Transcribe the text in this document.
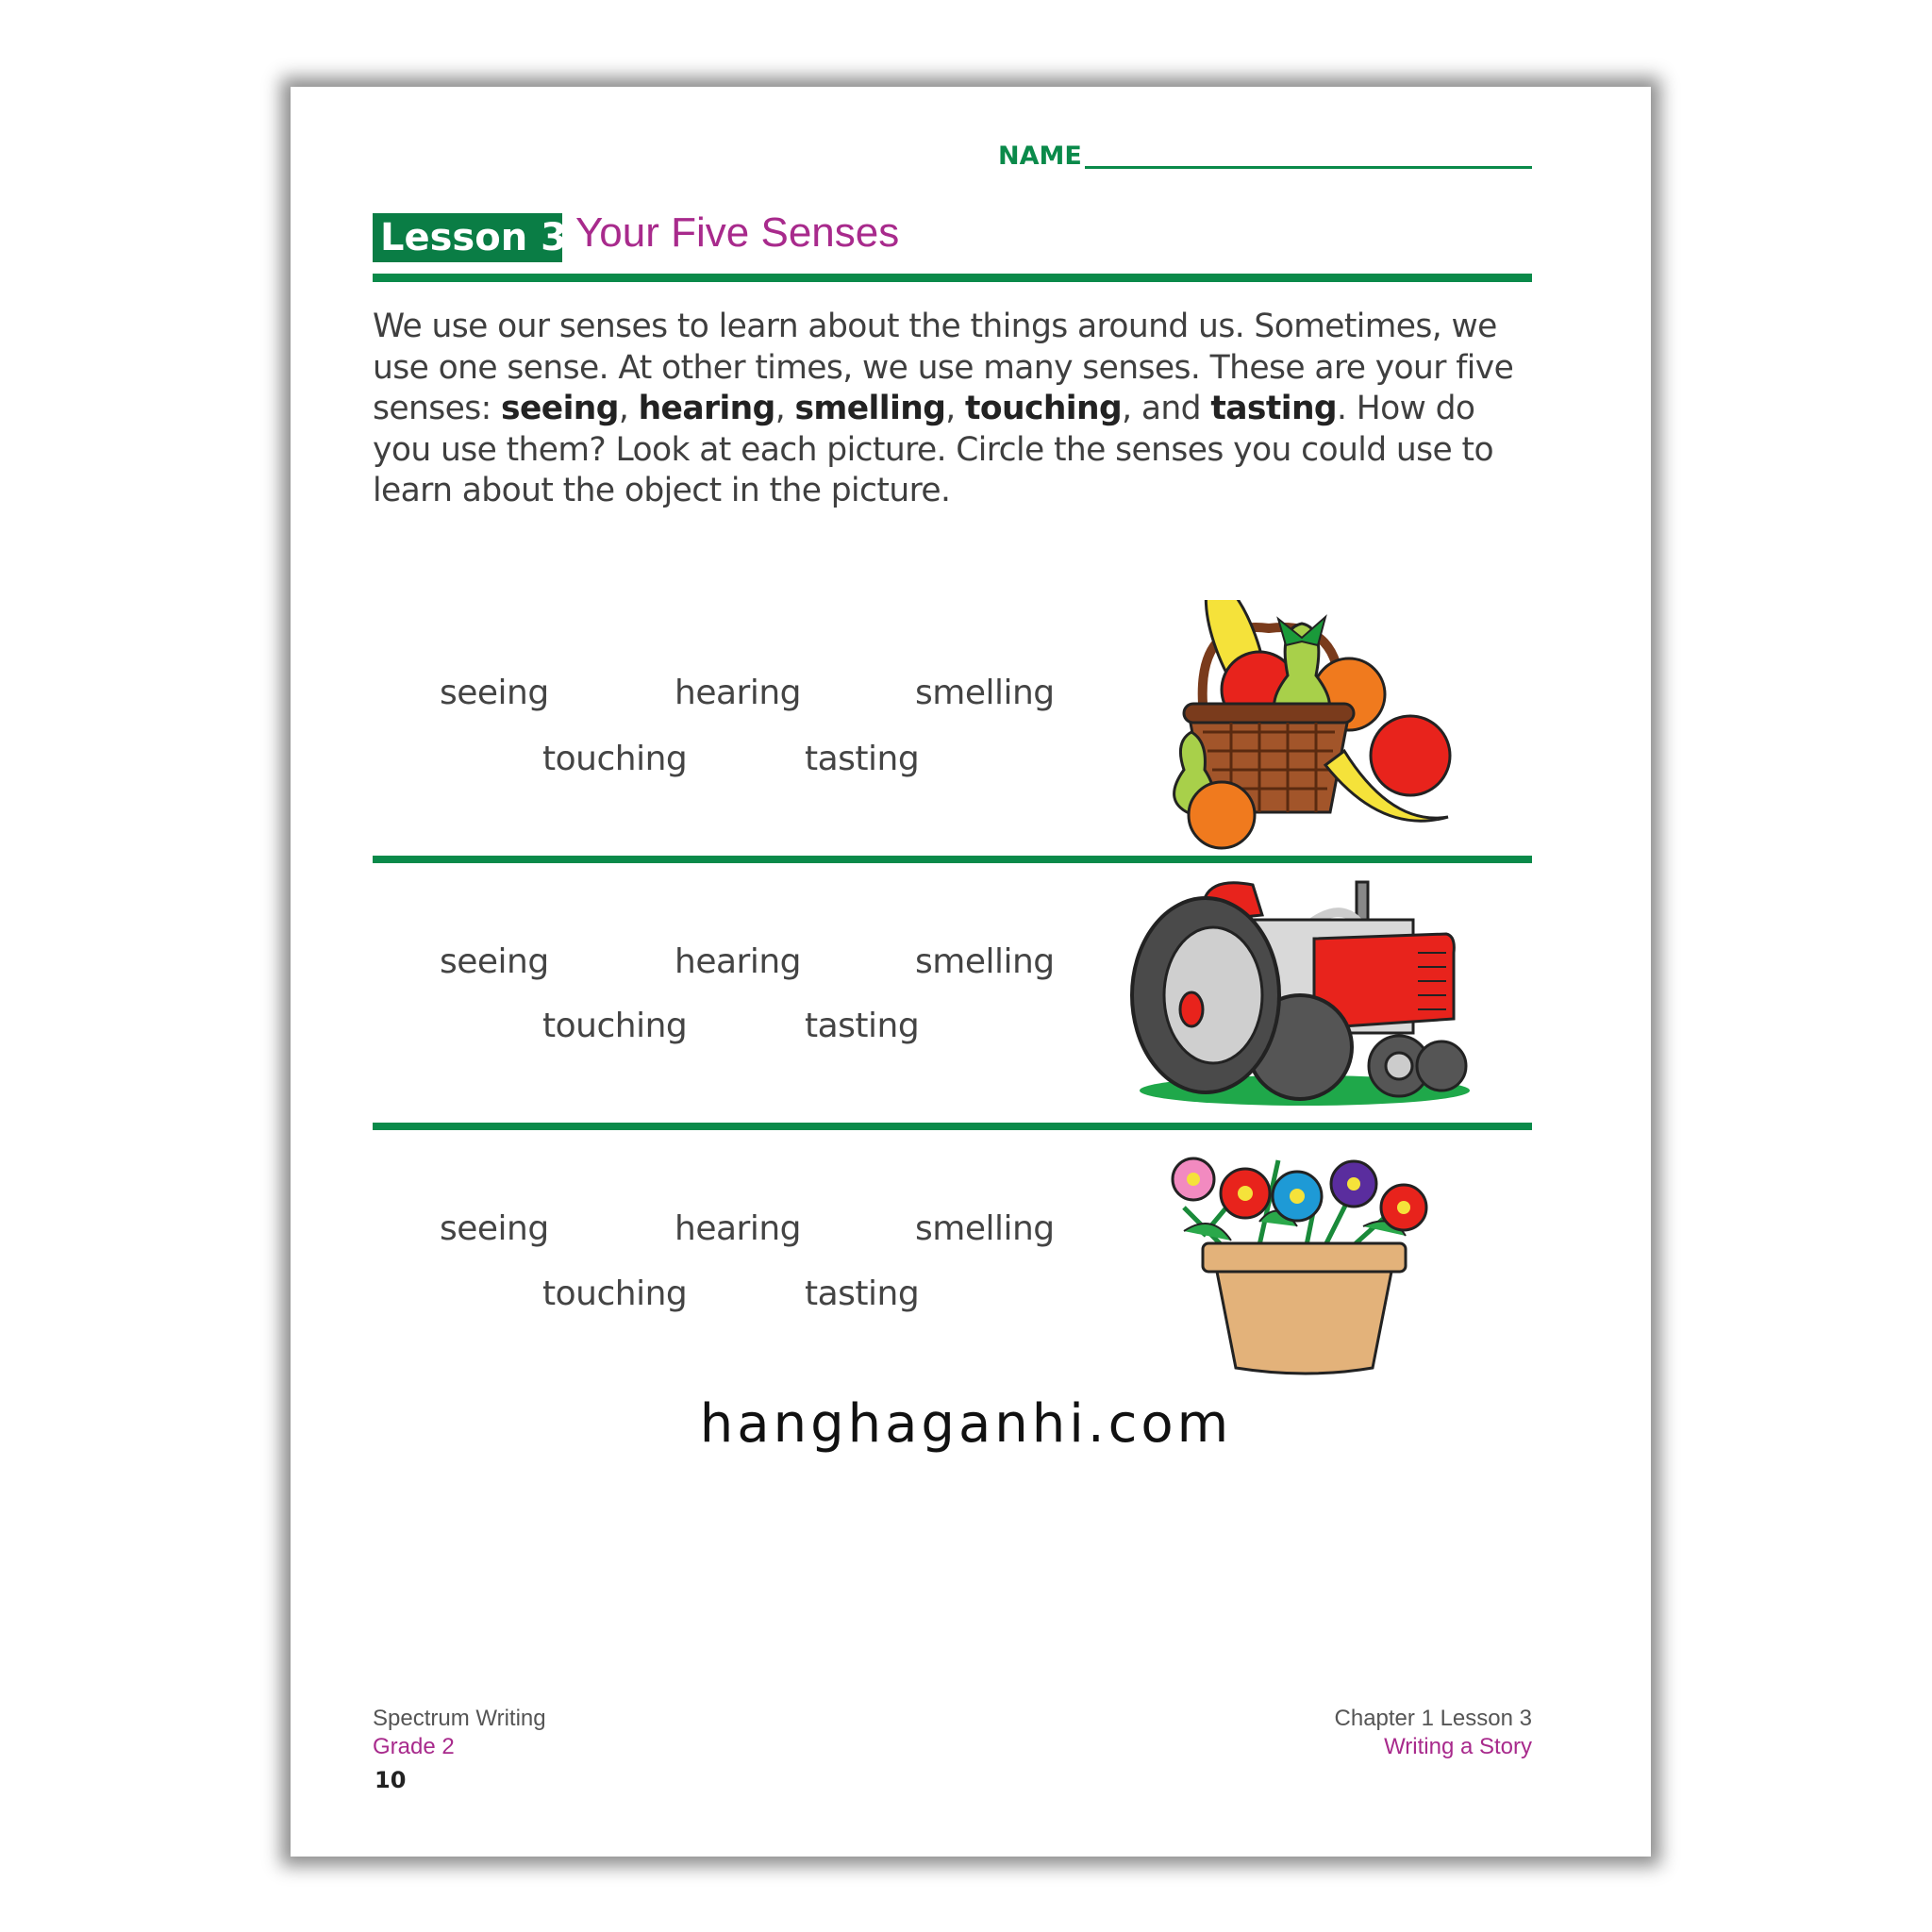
NAME
Lesson 3 Your Five Senses
We use our senses to learn about the things around us. Sometimes, we use one sense. At other times, we use many senses. These are your five senses: seeing, hearing, smelling, touching, and tasting. How do you use them? Look at each picture. Circle the senses you could use to learn about the object in the picture.
seeing	hearing	smelling
touching	tasting
seeing	hearing	smelling
touching	tasting
seeing	hearing	smelling
touching	tasting
hanghaganhi.com
Spectrum Writing
Grade 2
10
Chapter 1 Lesson 3
Writing a Story
